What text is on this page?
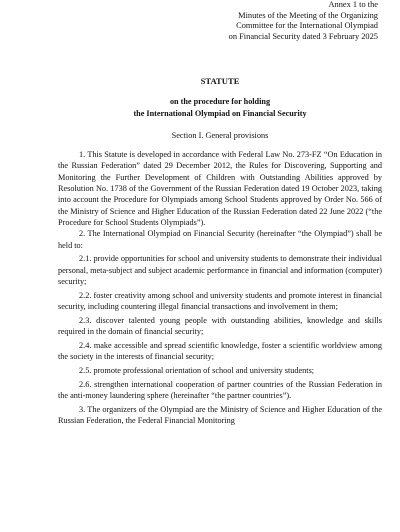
Annex 1 to the
Minutes of the Meeting of the Organizing
Committee for the International Olympiad
on Financial Security dated 3 February 2025
STATUTE
on the procedure for holding
the International Olympiad on Financial Security
Section I. General provisions

1. This Statute is developed in accordance with Federal Law No. 273-FZ “On Education in the Russian Federation” dated 29 December 2012, the Rules for Discovering, Supporting and Monitoring the Further Development of Children with Outstanding Abilities approved by Resolution No. 1738 of the Government of the Russian Federation dated 19 October 2023, taking into account the Procedure for Olympiads among School Students approved by Order No. 566 of the Ministry of Science and Higher Education of the Russian Federation dated 22 June 2022 (“the Procedure for School Students Olympiads”).

2. The International Olympiad on Financial Security (hereinafter “the Olympiad”) shall be held to:

2.1. provide opportunities for school and university students to demonstrate their individual personal, meta-subject and subject academic performance in financial and information (computer) security;

2.2. foster creativity among school and university students and promote interest in financial security, including countering illegal financial transactions and involvement in them;

2.3. discover talented young people with outstanding abilities, knowledge and skills required in the domain of financial security;

2.4. make accessible and spread scientific knowledge, foster a scientific worldview among the society in the interests of financial security;

2.5. promote professional orientation of school and university students;

2.6. strengthen international cooperation of partner countries of the Russian Federation in the anti-money laundering sphere (hereinafter “the partner countries”).

3. The organizers of the Olympiad are the Ministry of Science and Higher Education of the Russian Federation, the Federal Financial Monitoring
